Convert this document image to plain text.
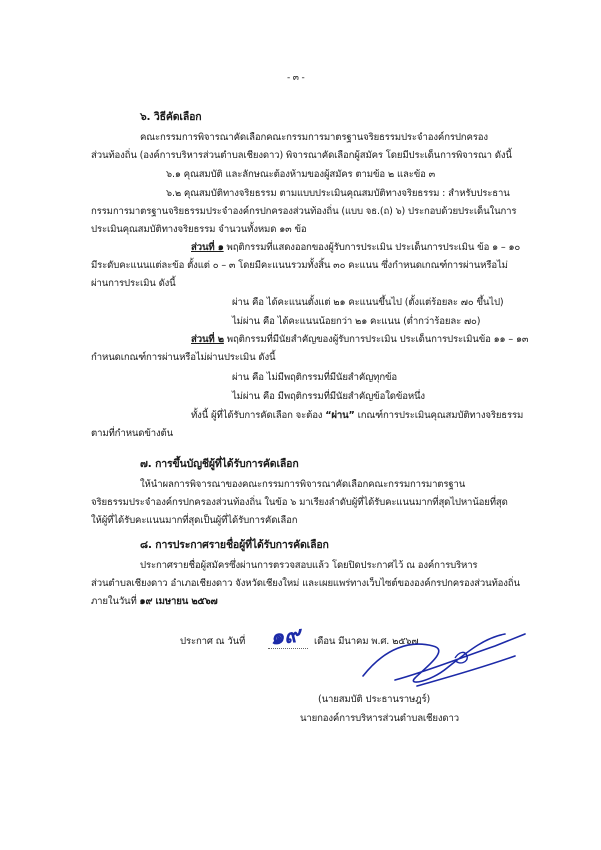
- ๓ -
๖. วิธีคัดเลือก
คณะกรรมการพิจารณาคัดเลือกคณะกรรมการมาตรฐานจริยธรรมประจำองค์กรปกครอง
ส่วนท้องถิ่น (องค์การบริหารส่วนตำบลเชียงดาว) พิจารณาคัดเลือกผู้สมัคร โดยมีประเด็นการพิจารณา ดังนี้
๖.๑ คุณสมบัติ และลักษณะต้องห้ามของผู้สมัคร ตามข้อ ๒ และข้อ ๓
๖.๒ คุณสมบัติทางจริยธรรม ตามแบบประเมินคุณสมบัติทางจริยธรรม : สำหรับประธาน
กรรมการมาตรฐานจริยธรรมประจำองค์กรปกครองส่วนท้องถิ่น (แบบ จธ.(ถ) ๖) ประกอบด้วยประเด็นในการ
ประเมินคุณสมบัติทางจริยธรรม จำนวนทั้งหมด ๑๓ ข้อ
ส่วนที่ ๑ พฤติกรรมที่แสดงออกของผู้รับการประเมิน ประเด็นการประเมิน ข้อ ๑ – ๑๐
มีระดับคะแนนแต่ละข้อ ตั้งแต่ ๐ – ๓ โดยมีคะแนนรวมทั้งสิ้น ๓๐ คะแนน ซึ่งกำหนดเกณฑ์การผ่านหรือไม่
ผ่านการประเมิน ดังนี้
ผ่าน คือ ได้คะแนนตั้งแต่ ๒๑ คะแนนขึ้นไป (ตั้งแต่ร้อยละ ๗๐ ขึ้นไป)
ไม่ผ่าน คือ ได้คะแนนน้อยกว่า ๒๑ คะแนน (ต่ำกว่าร้อยละ ๗๐)
ส่วนที่ ๒ พฤติกรรมที่มีนัยสำคัญของผู้รับการประเมิน ประเด็นการประเมินข้อ ๑๑ – ๑๓
กำหนดเกณฑ์การผ่านหรือไม่ผ่านประเมิน ดังนี้
ผ่าน คือ ไม่มีพฤติกรรมที่มีนัยสำคัญทุกข้อ
ไม่ผ่าน คือ มีพฤติกรรมที่มีนัยสำคัญข้อใดข้อหนึ่ง
ทั้งนี้ ผู้ที่ได้รับการคัดเลือก จะต้อง “ผ่าน” เกณฑ์การประเมินคุณสมบัติทางจริยธรรม
ตามที่กำหนดข้างต้น
๗. การขึ้นบัญชีผู้ที่ได้รับการคัดเลือก
ให้นำผลการพิจารณาของคณะกรรมการพิจารณาคัดเลือกคณะกรรมการมาตรฐาน
จริยธรรมประจำองค์กรปกครองส่วนท้องถิ่น ในข้อ ๖ มาเรียงลำดับผู้ที่ได้รับคะแนนมากที่สุดไปหาน้อยที่สุด
ให้ผู้ที่ได้รับคะแนนมากที่สุดเป็นผู้ที่ได้รับการคัดเลือก
๘. การประกาศรายชื่อผู้ที่ได้รับการคัดเลือก
ประกาศรายชื่อผู้สมัครซึ่งผ่านการตรวจสอบแล้ว โดยปิดประกาศไว้ ณ องค์การบริหาร
ส่วนตำบลเชียงดาว อำเภอเชียงดาว จังหวัดเชียงใหม่ และเผยแพร่ทางเว็บไซต์ขององค์กรปกครองส่วนท้องถิ่น
ภายในวันที่ ๑๙ เมษายน ๒๕๖๗
ประกาศ ณ วันที่ ๑๙ เดือน มีนาคม พ.ศ. ๒๕๖๗
(นายสมบัติ ประธานราษฎร์)
นายกองค์การบริหารส่วนตำบลเชียงดาว
